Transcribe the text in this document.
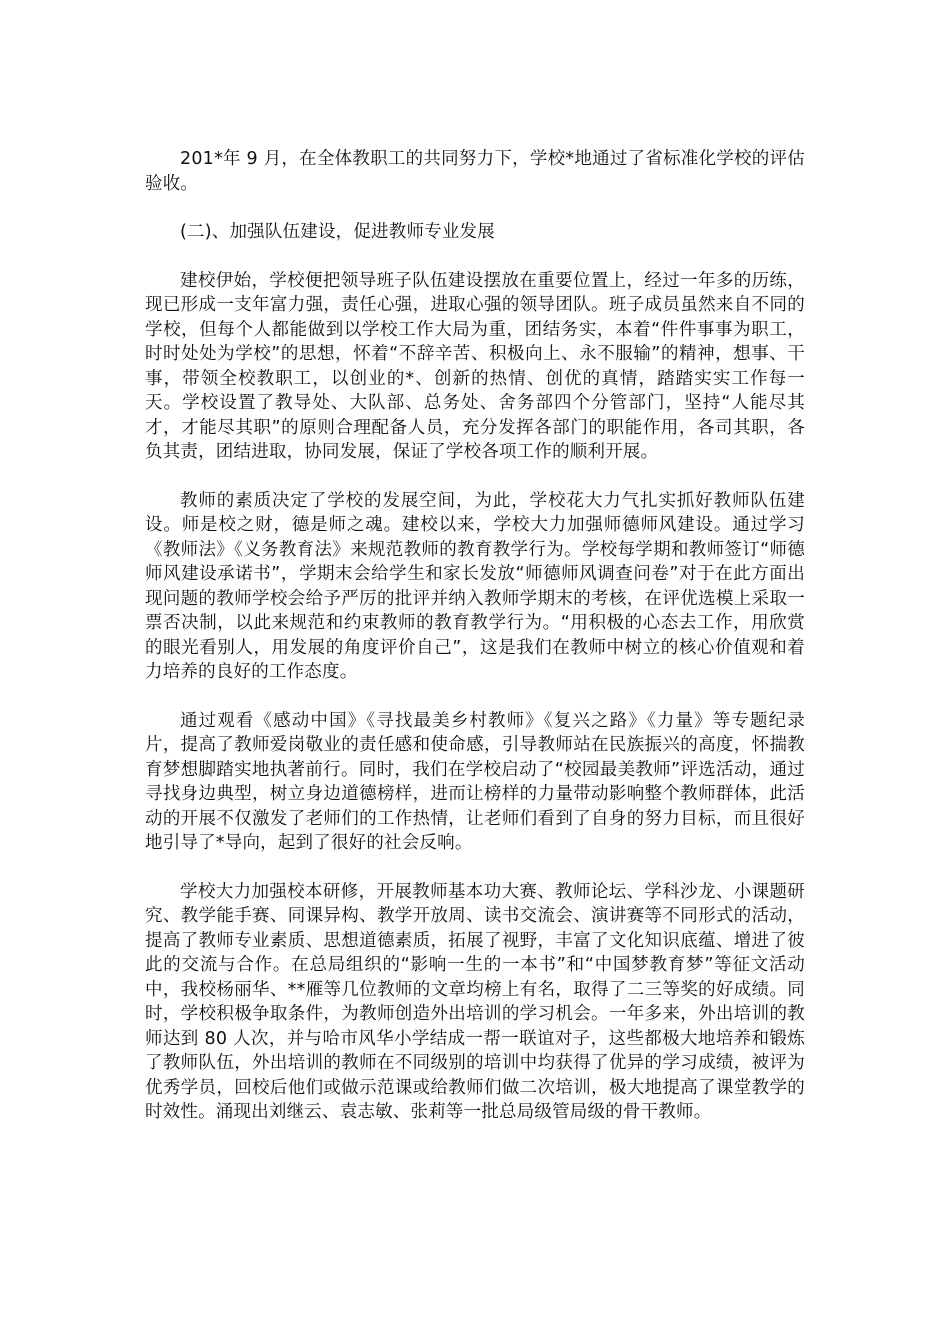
201*年 9 月，在全体教职工的共同努力下，学校*地通过了省标准化学校的评估验收。

(二)、加强队伍建设，促进教师专业发展

建校伊始，学校便把领导班子队伍建设摆放在重要位置上，经过一年多的历练，现已形成一支年富力强，责任心强，进取心强的领导团队。班子成员虽然来自不同的学校，但每个人都能做到以学校工作大局为重，团结务实，本着“件件事事为职工，时时处处为学校”的思想，怀着“不辞辛苦、积极向上、永不服输”的精神，想事、干事，带领全校教职工，以创业的*、创新的热情、创优的真情，踏踏实实工作每一天。学校设置了教导处、大队部、总务处、舍务部四个分管部门，坚持“人能尽其才，才能尽其职”的原则合理配备人员，充分发挥各部门的职能作用，各司其职，各负其责，团结进取，协同发展，保证了学校各项工作的顺利开展。

教师的素质决定了学校的发展空间，为此，学校花大力气扎实抓好教师队伍建设。师是校之财，德是师之魂。建校以来，学校大力加强师德师风建设。通过学习《教师法》《义务教育法》来规范教师的教育教学行为。学校每学期和教师签订“师德师风建设承诺书”，学期末会给学生和家长发放“师德师风调查问卷”对于在此方面出现问题的教师学校会给予严厉的批评并纳入教师学期末的考核，在评优选模上采取一票否决制，以此来规范和约束教师的教育教学行为。“用积极的心态去工作，用欣赏的眼光看别人，用发展的角度评价自己”，这是我们在教师中树立的核心价值观和着力培养的良好的工作态度。

通过观看《感动中国》《寻找最美乡村教师》《复兴之路》《力量》等专题纪录片，提高了教师爱岗敬业的责任感和使命感，引导教师站在民族振兴的高度，怀揣教育梦想脚踏实地执著前行。同时，我们在学校启动了“校园最美教师”评选活动，通过寻找身边典型，树立身边道德榜样，进而让榜样的力量带动影响整个教师群体，此活动的开展不仅激发了老师们的工作热情，让老师们看到了自身的努力目标，而且很好地引导了*导向，起到了很好的社会反响。

学校大力加强校本研修，开展教师基本功大赛、教师论坛、学科沙龙、小课题研究、教学能手赛、同课异构、教学开放周、读书交流会、演讲赛等不同形式的活动，提高了教师专业素质、思想道德素质，拓展了视野，丰富了文化知识底蕴、增进了彼此的交流与合作。在总局组织的“影响一生的一本书”和“中国梦教育梦”等征文活动中，我校杨丽华、**雁等几位教师的文章均榜上有名，取得了二三等奖的好成绩。同时，学校积极争取条件，为教师创造外出培训的学习机会。一年多来，外出培训的教师达到 80 人次，并与哈市风华小学结成一帮一联谊对子，这些都极大地培养和锻炼了教师队伍，外出培训的教师在不同级别的培训中均获得了优异的学习成绩，被评为优秀学员，回校后他们或做示范课或给教师们做二次培训，极大地提高了课堂教学的时效性。涌现出刘继云、袁志敏、张莉等一批总局级管局级的骨干教师。
